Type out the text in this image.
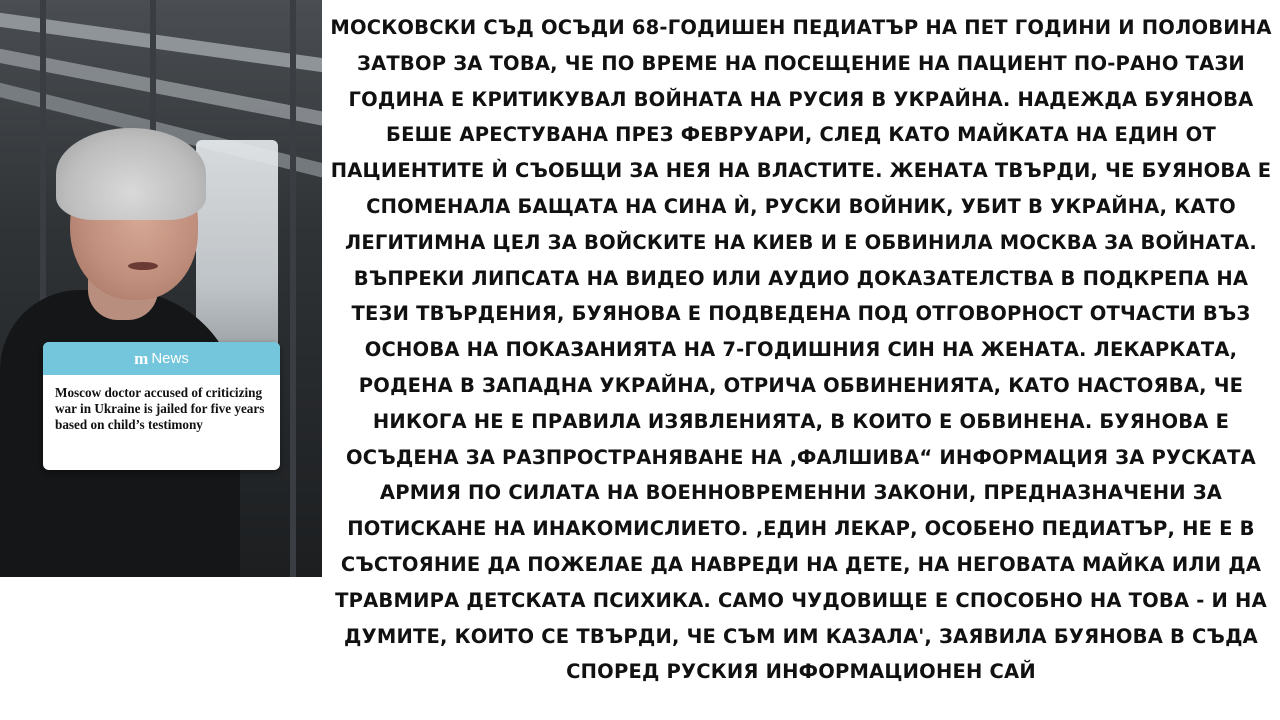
m News
Moscow doctor accused of criticizing war in Ukraine is jailed for five years based on child’s testimony
МОСКОВСКИ СЪД ОСЪДИ 68-ГОДИШЕН ПЕДИАТЪР НА ПЕТ ГОДИНИ И ПОЛОВИНА ЗАТВОР ЗА ТОВА, ЧЕ ПО ВРЕМЕ НА ПОСЕЩЕНИЕ НА ПАЦИЕНТ ПО-РАНО ТАЗИ ГОДИНА Е КРИТИКУВАЛ ВОЙНАТА НА РУСИЯ В УКРАЙНА. НАДЕЖДА БУЯНОВА БЕШЕ АРЕСТУВАНА ПРЕЗ ФЕВРУАРИ, СЛЕД КАТО МАЙКАТА НА ЕДИН ОТ ПАЦИЕНТИТЕ Ѝ СЪОБЩИ ЗА НЕЯ НА ВЛАСТИТЕ. ЖЕНАТА ТВЪРДИ, ЧЕ БУЯНОВА Е СПОМЕНАЛА БАЩАТА НА СИНА Ѝ, РУСКИ ВОЙНИК, УБИТ В УКРАЙНА, КАТО ЛЕГИТИМНА ЦЕЛ ЗА ВОЙСКИТЕ НА КИЕВ И Е ОБВИНИЛА МОСКВА ЗА ВОЙНАТА. ВЪПРЕКИ ЛИПСАТА НА ВИДЕО ИЛИ АУДИО ДОКАЗАТЕЛСТВА В ПОДКРЕПА НА ТЕЗИ ТВЪРДЕНИЯ, БУЯНОВА Е ПОДВЕДЕНА ПОД ОТГОВОРНОСТ ОТЧАСТИ ВЪЗ ОСНОВА НА ПОКАЗАНИЯТА НА 7-ГОДИШНИЯ СИН НА ЖЕНАТА. ЛЕКАРКАТА, РОДЕНА В ЗАПАДНА УКРАЙНА, ОТРИЧА ОБВИНЕНИЯТА, КАТО НАСТОЯВА, ЧЕ НИКОГА НЕ Е ПРАВИЛА ИЗЯВЛЕНИЯТА, В КОИТО Е ОБВИНЕНА. БУЯНОВА Е ОСЪДЕНА ЗА РАЗПРОСТРАНЯВАНЕ НА ‚ФАЛШИВА“ ИНФОРМАЦИЯ ЗА РУСКАТА АРМИЯ ПО СИЛАТА НА ВОЕННОВРЕМЕННИ ЗАКОНИ, ПРЕДНАЗНАЧЕНИ ЗА ПОТИСКАНЕ НА ИНАКОМИСЛИЕТО. ‚ЕДИН ЛЕКАР, ОСОБЕНО ПЕДИАТЪР, НЕ Е В СЪСТОЯНИЕ ДА ПОЖЕЛАЕ ДА НАВРЕДИ НА ДЕТЕ, НА НЕГОВАТА МАЙКА ИЛИ ДА ТРАВМИРА ДЕТСКАТА ПСИХИКА. САМО ЧУДОВИЩЕ Е СПОСОБНО НА ТОВА - И НА ДУМИТЕ, КОИТО СЕ ТВЪРДИ, ЧЕ СЪМ ИМ КАЗАЛА', ЗАЯВИЛА БУЯНОВА В СЪДА СПОРЕД РУСКИЯ ИНФОРМАЦИОНЕН САЙ
